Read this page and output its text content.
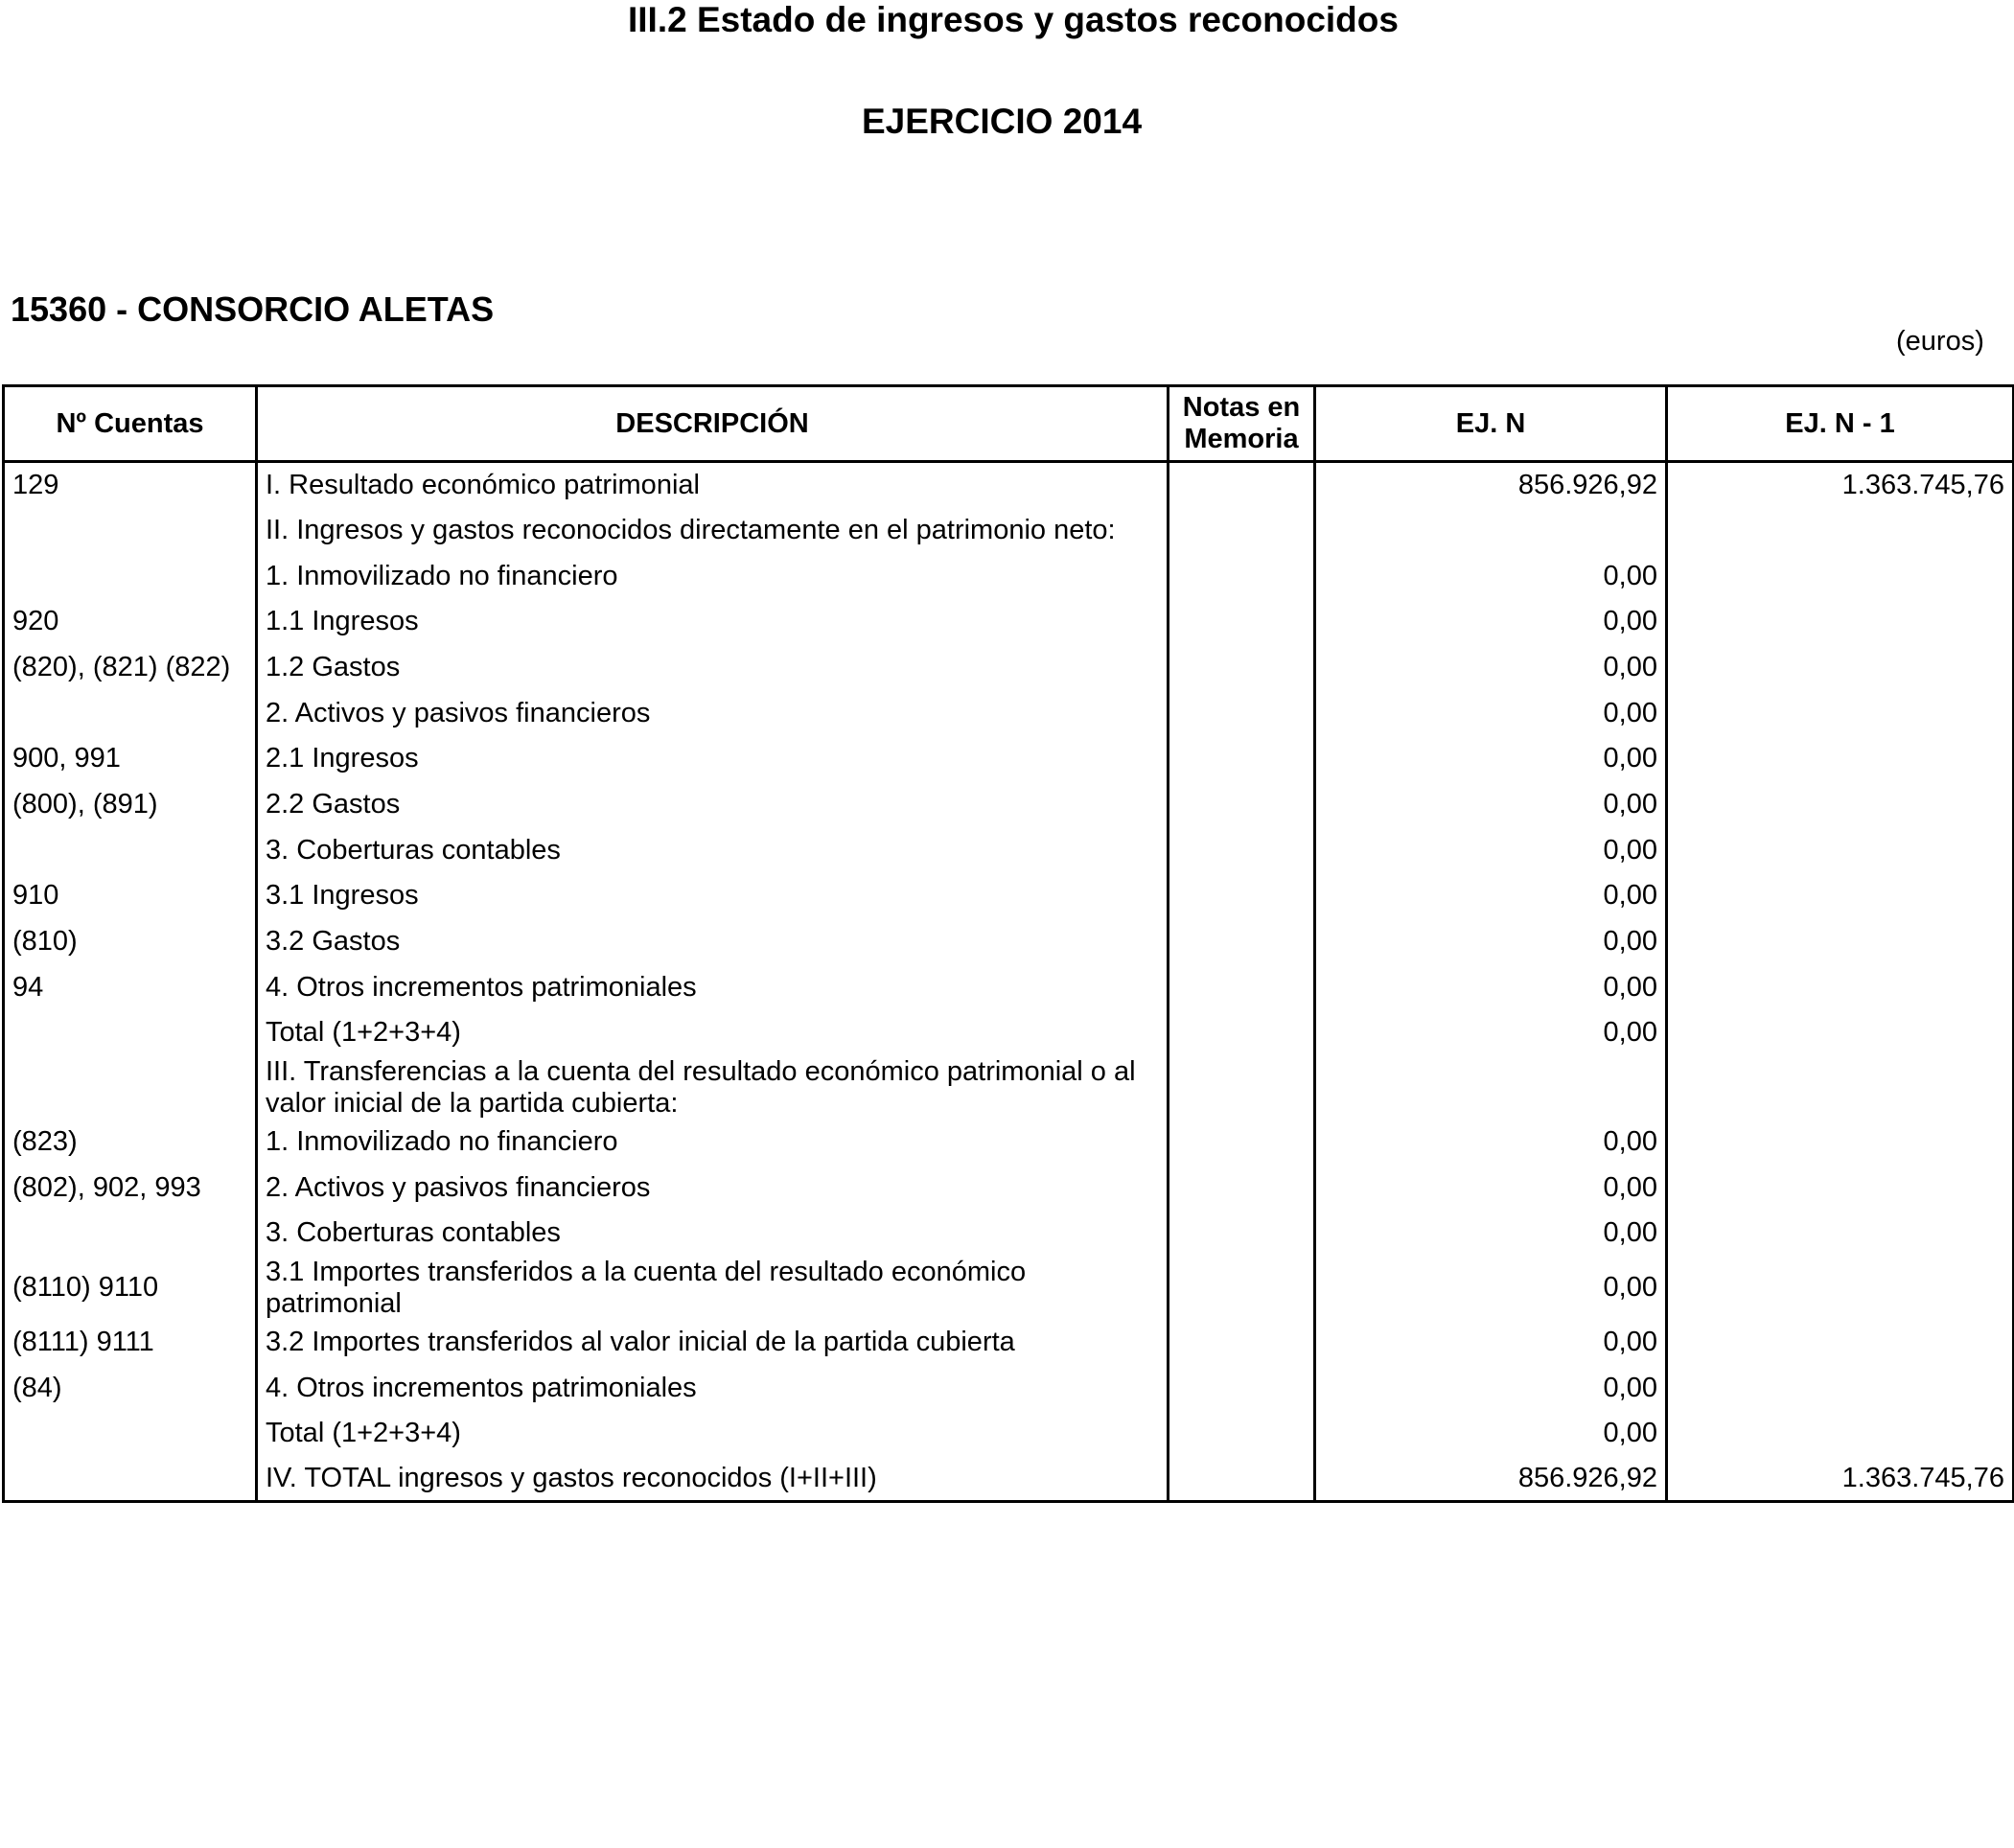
III.2 Estado de ingresos y gastos reconocidos
EJERCICIO 2014
15360 - CONSORCIO ALETAS
(euros)
Nº Cuentas	DESCRIPCIÓN	Notas en Memoria	EJ. N	EJ. N - 1
129	I. Resultado económico patrimonial		856.926,92	1.363.745,76
	II. Ingresos y gastos reconocidos directamente en el patrimonio neto:			
	1. Inmovilizado no financiero		0,00	
920	1.1 Ingresos		0,00	
(820), (821) (822)	1.2 Gastos		0,00	
	2. Activos y pasivos financieros		0,00	
900, 991	2.1 Ingresos		0,00	
(800), (891)	2.2 Gastos		0,00	
	3. Coberturas contables		0,00	
910	3.1 Ingresos		0,00	
(810)	3.2 Gastos		0,00	
94	4. Otros incrementos patrimoniales		0,00	
	Total (1+2+3+4)		0,00	
	III. Transferencias a la cuenta del resultado económico patrimonial o al valor inicial de la partida cubierta:			
(823)	1. Inmovilizado no financiero		0,00	
(802), 902, 993	2. Activos y pasivos financieros		0,00	
	3. Coberturas contables		0,00	
(8110) 9110	3.1 Importes transferidos a la cuenta del resultado económico patrimonial		0,00	
(8111) 9111	3.2 Importes transferidos al valor inicial de la partida cubierta		0,00	
(84)	4. Otros incrementos patrimoniales		0,00	
	Total (1+2+3+4)		0,00	
	IV. TOTAL ingresos y gastos reconocidos (I+II+III)		856.926,92	1.363.745,76
